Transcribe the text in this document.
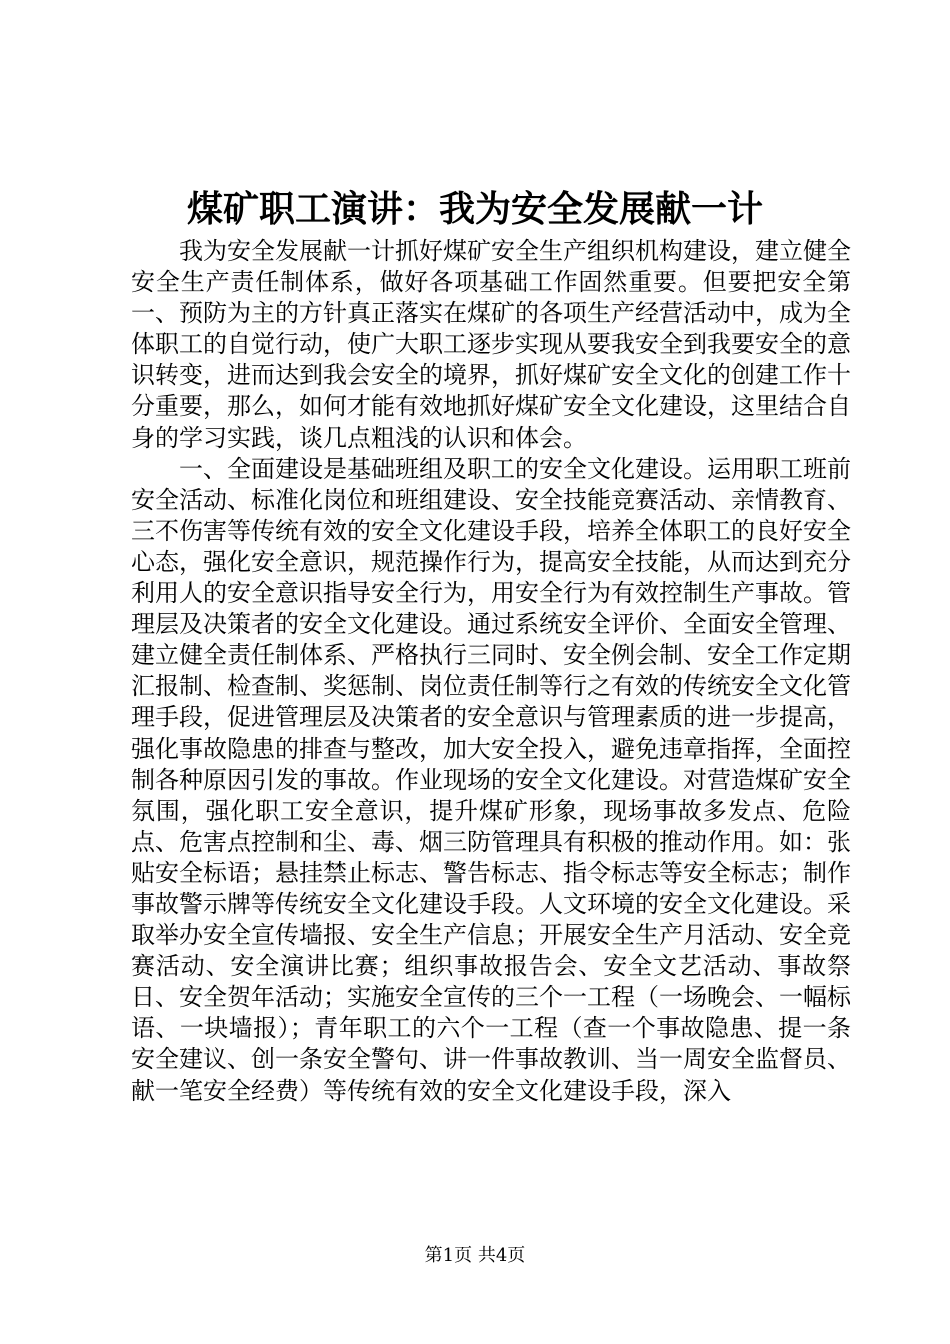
煤矿职工演讲：我为安全发展献一计

我为安全发展献一计抓好煤矿安全生产组织机构建设，建立健全安全生产责任制体系，做好各项基础工作固然重要。但要把安全第一、预防为主的方针真正落实在煤矿的各项生产经营活动中，成为全体职工的自觉行动，使广大职工逐步实现从要我安全到我要安全的意识转变，进而达到我会安全的境界，抓好煤矿安全文化的创建工作十分重要，那么，如何才能有效地抓好煤矿安全文化建设，这里结合自身的学习实践，谈几点粗浅的认识和体会。

一、全面建设是基础班组及职工的安全文化建设。运用职工班前安全活动、标准化岗位和班组建设、安全技能竞赛活动、亲情教育、三不伤害等传统有效的安全文化建设手段，培养全体职工的良好安全心态，强化安全意识，规范操作行为，提高安全技能，从而达到充分利用人的安全意识指导安全行为，用安全行为有效控制生产事故。管理层及决策者的安全文化建设。通过系统安全评价、全面安全管理、建立健全责任制体系、严格执行三同时、安全例会制、安全工作定期汇报制、检查制、奖惩制、岗位责任制等行之有效的传统安全文化管理手段，促进管理层及决策者的安全意识与管理素质的进一步提高，强化事故隐患的排查与整改，加大安全投入，避免违章指挥，全面控制各种原因引发的事故。作业现场的安全文化建设。对营造煤矿安全氛围，强化职工安全意识，提升煤矿形象，现场事故多发点、危险点、危害点控制和尘、毒、烟三防管理具有积极的推动作用。如：张贴安全标语；悬挂禁止标志、警告标志、指令标志等安全标志；制作事故警示牌等传统安全文化建设手段。人文环境的安全文化建设。采取举办安全宣传墙报、安全生产信息；开展安全生产月活动、安全竞赛活动、安全演讲比赛；组织事故报告会、安全文艺活动、事故祭日、安全贺年活动；实施安全宣传的三个一工程（一场晚会、一幅标语、一块墙报）；青年职工的六个一工程（查一个事故隐患、提一条安全建议、创一条安全警句、讲一件事故教训、当一周安全监督员、献一笔安全经费）等传统有效的安全文化建设手段，深入

第1页 共4页
